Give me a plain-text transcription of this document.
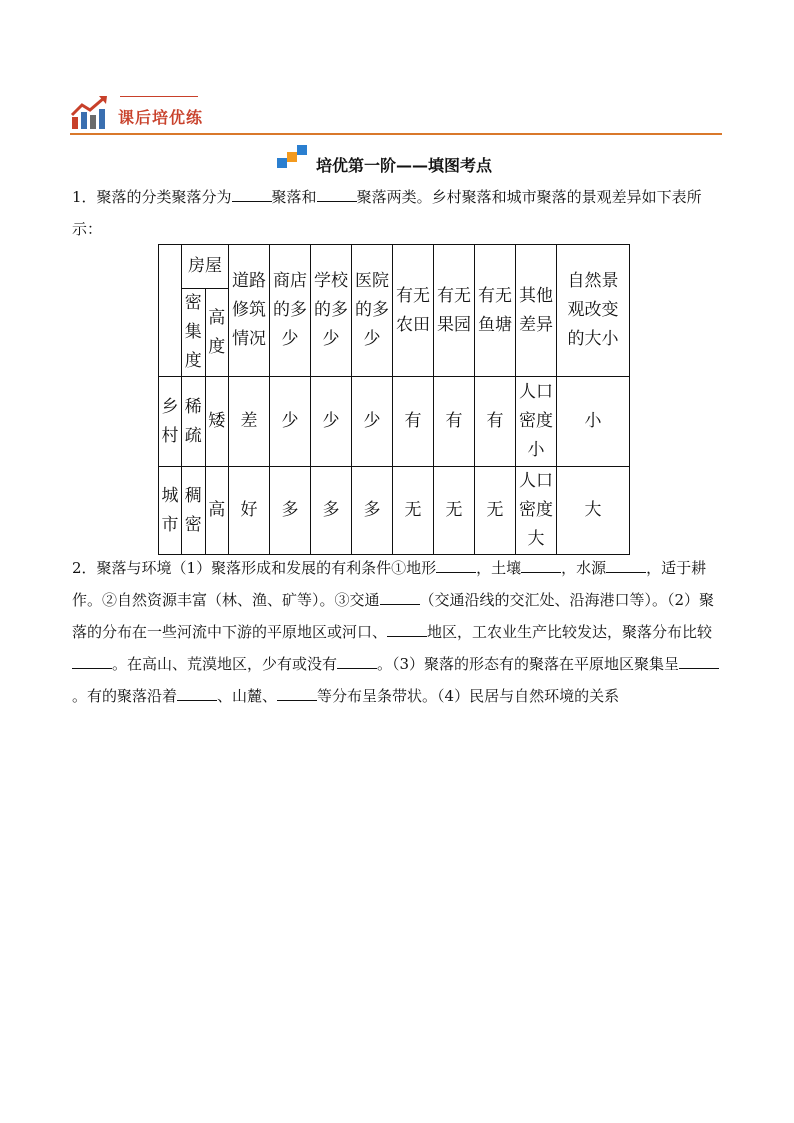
课后培优练
培优第一阶——填图考点
1．聚落的分类聚落分为	聚落和	聚落两类。乡村聚落和城市聚落的景观差异如下表所示：
	房屋		道路修筑情况	商店的多少	学校的多少	医院的多少	有无农田	有无果园	有无鱼塘	其他差异	自然景观改变的大小
	密集度	高度									
乡村	稀疏	矮	差	少	少	少	有	有	有	人口密度小	小
城市	稠密	高	好	多	多	多	无	无	无	人口密度大	大
2．聚落与环境（1）聚落形成和发展的有利条件①地形	，土壤	，水源	，适于耕作。②自然资源丰富（林、渔、矿等）。③交通	（交通沿线的交汇处、沿海港口等）。（2）聚落的分布在一些河流中下游的平原地区或河口、	地区，工农业生产比较发达，聚落分布比较。在高山、荒漠地区，少有或没有	。（3）聚落的形态有的聚落在平原地区聚集呈。有的聚落沿着	、山麓、	等分布呈条带状。（4）民居与自然环境的关系
